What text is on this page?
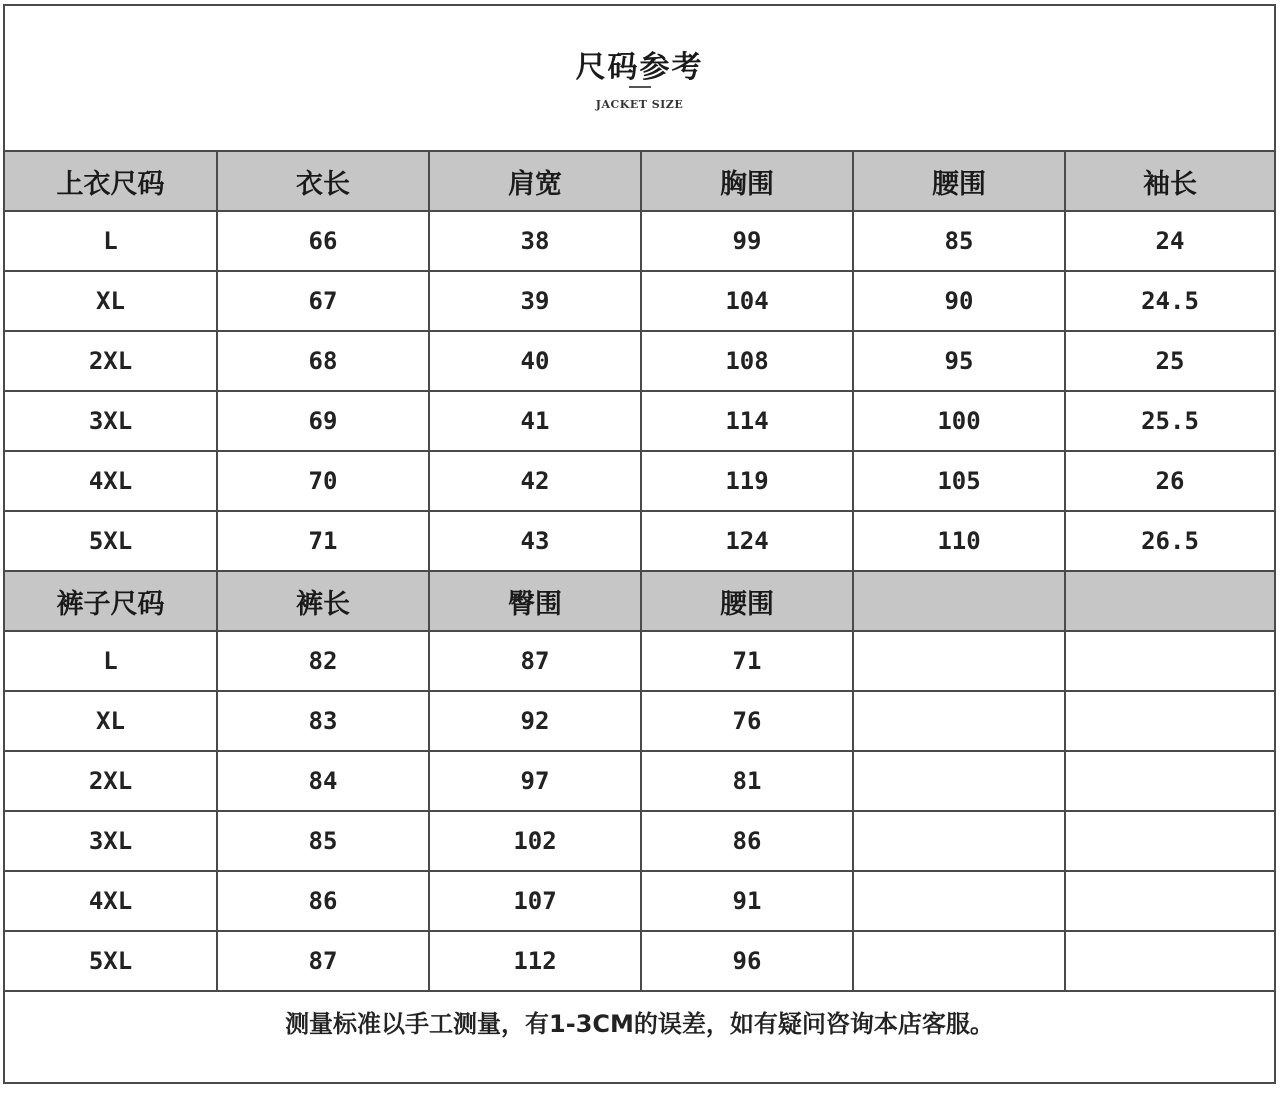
尺码参考
JACKET SIZE
上衣尺码	衣长	肩宽	胸围	腰围	袖长
L	66	38	99	85	24
XL	67	39	104	90	24.5
2XL	68	40	108	95	25
3XL	69	41	114	100	25.5
4XL	70	42	119	105	26
5XL	71	43	124	110	26.5
裤子尺码	裤长	臀围	腰围		
L	82	87	71		
XL	83	92	76		
2XL	84	97	81		
3XL	85	102	86		
4XL	86	107	91		
5XL	87	112	96		
测量标准以手工测量，有1-3CM的误差，如有疑问咨询本店客服。					
